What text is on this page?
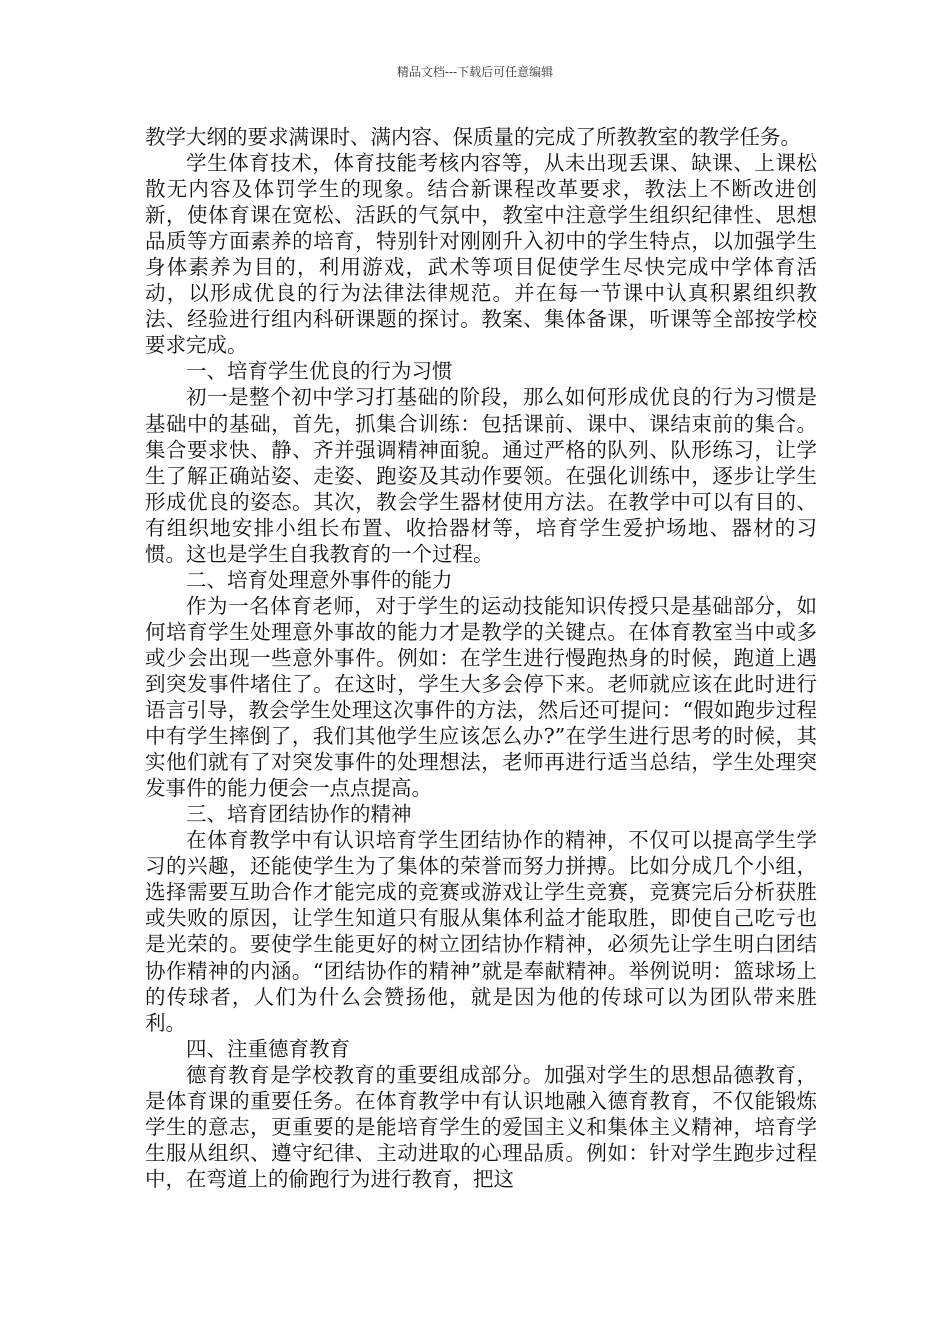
精品文档---下载后可任意编辑

教学大纲的要求满课时、满内容、保质量的完成了所教教室的教学任务。

学生体育技术，体育技能考核内容等，从未出现丢课、缺课、上课松散无内容及体罚学生的现象。结合新课程改革要求，教法上不断改进创新，使体育课在宽松、活跃的气氛中，教室中注意学生组织纪律性、思想品质等方面素养的培育，特别针对刚刚升入初中的学生特点，以加强学生身体素养为目的，利用游戏，武术等项目促使学生尽快完成中学体育活动，以形成优良的行为法律法律规范。并在每一节课中认真积累组织教法、经验进行组内科研课题的探讨。教案、集体备课，听课等全部按学校要求完成。

一、培育学生优良的行为习惯

初一是整个初中学习打基础的阶段，那么如何形成优良的行为习惯是基础中的基础，首先，抓集合训练：包括课前、课中、课结束前的集合。集合要求快、静、齐并强调精神面貌。通过严格的队列、队形练习，让学生了解正确站姿、走姿、跑姿及其动作要领。在强化训练中，逐步让学生形成优良的姿态。其次，教会学生器材使用方法。在教学中可以有目的、有组织地安排小组长布置、收拾器材等，培育学生爱护场地、器材的习惯。这也是学生自我教育的一个过程。

二、培育处理意外事件的能力

作为一名体育老师，对于学生的运动技能知识传授只是基础部分，如何培育学生处理意外事故的能力才是教学的关键点。在体育教室当中或多或少会出现一些意外事件。例如：在学生进行慢跑热身的时候，跑道上遇到突发事件堵住了。在这时，学生大多会停下来。老师就应该在此时进行语言引导，教会学生处理这次事件的方法，然后还可提问：“假如跑步过程中有学生摔倒了，我们其他学生应该怎么办?”在学生进行思考的时候，其实他们就有了对突发事件的处理想法，老师再进行适当总结，学生处理突发事件的能力便会一点点提高。

三、培育团结协作的精神

在体育教学中有认识培育学生团结协作的精神，不仅可以提高学生学习的兴趣，还能使学生为了集体的荣誉而努力拼搏。比如分成几个小组，选择需要互助合作才能完成的竞赛或游戏让学生竞赛，竞赛完后分析获胜或失败的原因，让学生知道只有服从集体利益才能取胜，即使自己吃亏也是光荣的。要使学生能更好的树立团结协作精神，必须先让学生明白团结协作精神的内涵。“团结协作的精神”就是奉献精神。举例说明：篮球场上的传球者，人们为什么会赞扬他，就是因为他的传球可以为团队带来胜利。

四、注重德育教育

德育教育是学校教育的重要组成部分。加强对学生的思想品德教育，是体育课的重要任务。在体育教学中有认识地融入德育教育，不仅能锻炼学生的意志，更重要的是能培育学生的爱国主义和集体主义精神，培育学生服从组织、遵守纪律、主动进取的心理品质。例如：针对学生跑步过程中，在弯道上的偷跑行为进行教育，把这
